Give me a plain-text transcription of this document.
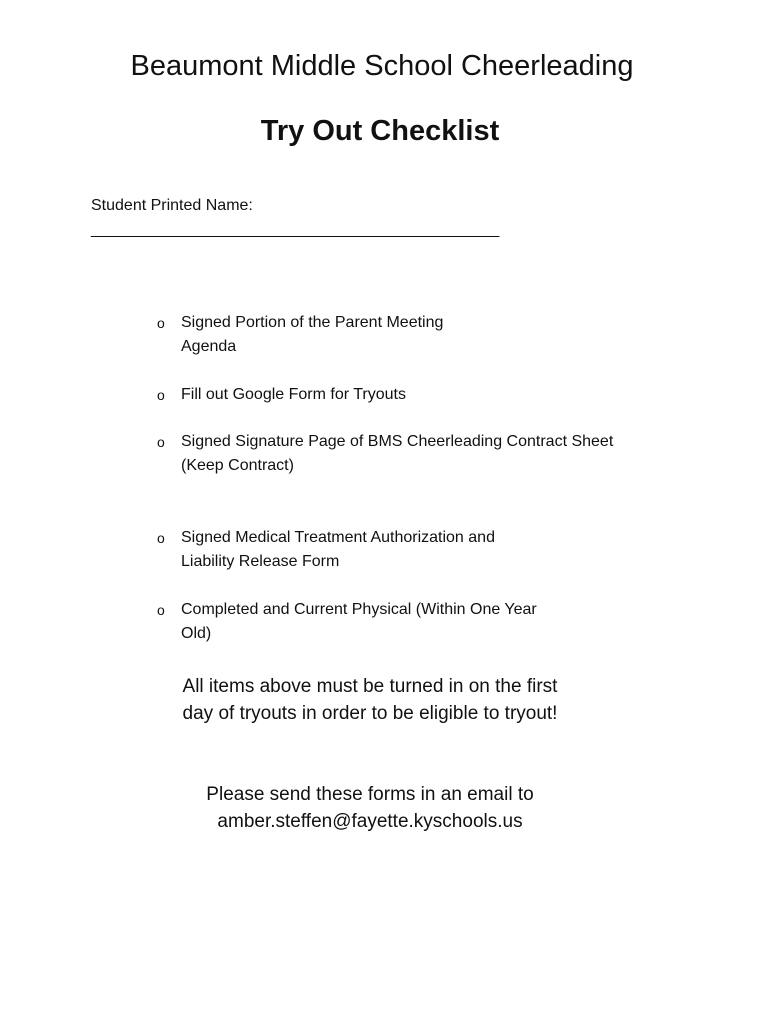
Beaumont Middle School Cheerleading
Try Out Checklist
Student Printed Name:
________________________________________________
o Signed Portion of the Parent Meeting Agenda
o Fill out Google Form for Tryouts
o Signed Signature Page of BMS Cheerleading Contract Sheet (Keep Contract)
o Signed Medical Treatment Authorization and Liability Release Form
o Completed and Current Physical (Within One Year Old)
All items above must be turned in on the first day of tryouts in order to be eligible to tryout!
Please send these forms in an email to amber.steffen@fayette.kyschools.us
